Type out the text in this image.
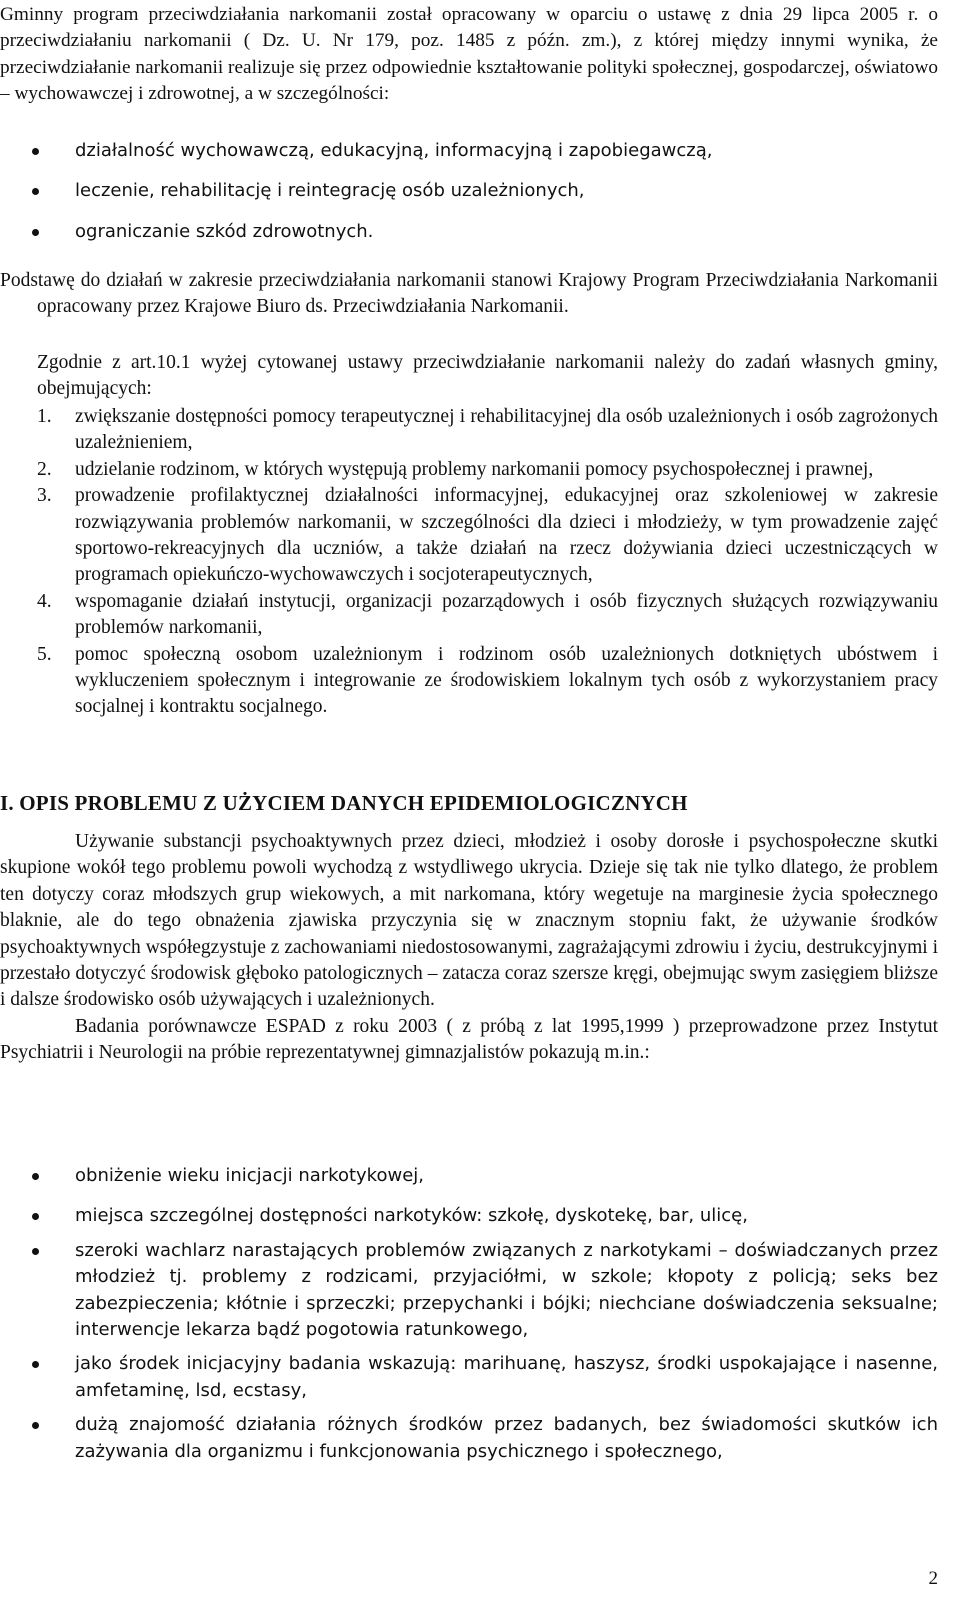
Gminny program przeciwdziałania narkomanii został opracowany w oparciu o ustawę z dnia 29 lipca 2005 r. o przeciwdziałaniu narkomanii ( Dz. U. Nr 179, poz. 1485 z późn. zm.), z której między innymi wynika, że przeciwdziałanie narkomanii realizuje się przez odpowiednie kształtowanie polityki społecznej, gospodarczej, oświatowo – wychowawczej i zdrowotnej, a w szczególności:

działalność wychowawczą, edukacyjną, informacyjną i zapobiegawczą,

leczenie, rehabilitację i reintegrację osób uzależnionych,

ograniczanie szkód zdrowotnych.

Podstawę do działań w zakresie przeciwdziałania narkomanii stanowi Krajowy Program Przeciwdziałania Narkomanii opracowany przez Krajowe Biuro ds. Przeciwdziałania Narkomanii.

Zgodnie z art.10.1 wyżej cytowanej ustawy przeciwdziałanie narkomanii należy do zadań własnych gminy, obejmujących:

1. zwiększanie dostępności pomocy terapeutycznej i rehabilitacyjnej dla osób uzależnionych i osób zagrożonych uzależnieniem,

2. udzielanie rodzinom, w których występują problemy narkomanii pomocy psychospołecznej i prawnej,

3. prowadzenie profilaktycznej działalności informacyjnej, edukacyjnej oraz szkoleniowej w zakresie rozwiązywania problemów narkomanii, w szczególności dla dzieci i młodzieży, w tym prowadzenie zajęć sportowo-rekreacyjnych dla uczniów, a także działań na rzecz dożywiania dzieci uczestniczących w programach opiekuńczo-wychowawczych i socjoterapeutycznych,

4. wspomaganie działań instytucji, organizacji pozarządowych i osób fizycznych służących rozwiązywaniu problemów narkomanii,

5. pomoc społeczną osobom uzależnionym i rodzinom osób uzależnionych dotkniętych ubóstwem i wykluczeniem społecznym i integrowanie ze środowiskiem lokalnym tych osób z wykorzystaniem pracy socjalnej i kontraktu socjalnego.

I. OPIS PROBLEMU Z UŻYCIEM DANYCH EPIDEMIOLOGICZNYCH

Używanie substancji psychoaktywnych przez dzieci, młodzież i osoby dorosłe i psychospołeczne skutki skupione wokół tego problemu powoli wychodzą z wstydliwego ukrycia. Dzieje się tak nie tylko dlatego, że problem ten dotyczy coraz młodszych grup wiekowych, a mit narkomana, który wegetuje na marginesie życia społecznego blaknie, ale do tego obnażenia zjawiska przyczynia się w znacznym stopniu fakt, że używanie środków psychoaktywnych współegzystuje z zachowaniami niedostosowanymi, zagrażającymi zdrowiu i życiu, destrukcyjnymi i przestało dotyczyć środowisk głęboko patologicznych – zatacza coraz szersze kręgi, obejmując swym zasięgiem bliższe i dalsze środowisko osób używających i uzależnionych.

Badania porównawcze ESPAD z roku 2003 ( z próbą z lat 1995,1999 ) przeprowadzone przez Instytut Psychiatrii i Neurologii na próbie reprezentatywnej gimnazjalistów pokazują m.in.:

obniżenie wieku inicjacji narkotykowej,

miejsca szczególnej dostępności narkotyków: szkołę, dyskotekę, bar, ulicę,

szeroki wachlarz narastających problemów związanych z narkotykami – doświadczanych przez młodzież tj. problemy z rodzicami, przyjaciółmi, w szkole; kłopoty z policją; seks bez zabezpieczenia; kłótnie i sprzeczki; przepychanki i bójki; niechciane doświadczenia seksualne; interwencje lekarza bądź pogotowia ratunkowego,

jako środek inicjacyjny badania wskazują: marihuanę, haszysz, środki uspokajające i nasenne, amfetaminę, lsd, ecstasy,

dużą znajomość działania różnych środków przez badanych, bez świadomości skutków ich zażywania dla organizmu i funkcjonowania psychicznego i społecznego,

2
